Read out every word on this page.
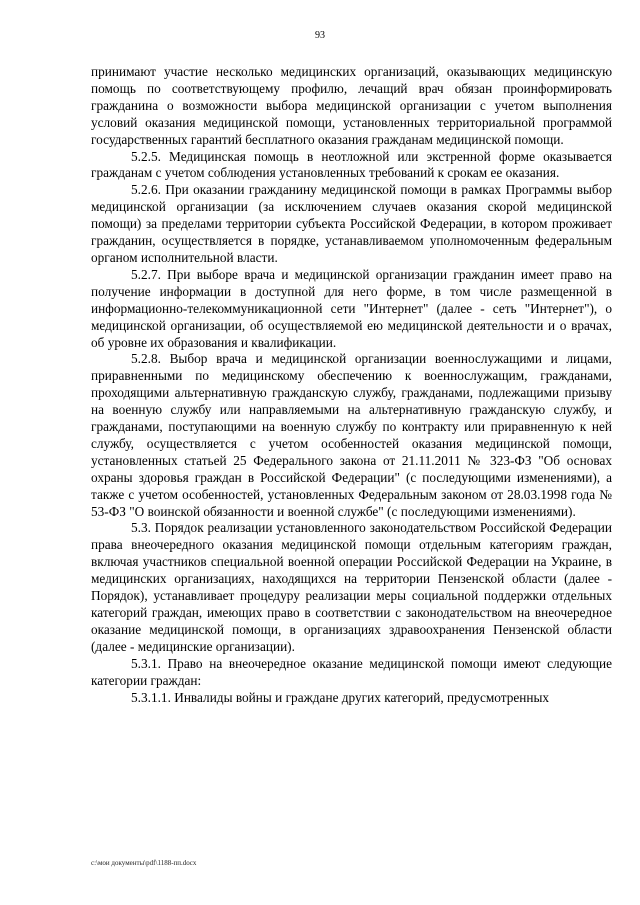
93

принимают участие несколько медицинских организаций, оказывающих медицинскую помощь по соответствующему профилю, лечащий врач обязан проинформировать гражданина о возможности выбора медицинской организации с учетом выполнения условий оказания медицинской помощи, установленных территориальной программой государственных гарантий бесплатного оказания гражданам медицинской помощи.

5.2.5. Медицинская помощь в неотложной или экстренной форме оказывается гражданам с учетом соблюдения установленных требований к срокам ее оказания.

5.2.6. При оказании гражданину медицинской помощи в рамках Программы выбор медицинской организации (за исключением случаев оказания скорой медицинской помощи) за пределами территории субъекта Российской Федерации, в котором проживает гражданин, осуществляется в порядке, устанавливаемом уполномоченным федеральным органом исполнительной власти.

5.2.7. При выборе врача и медицинской организации гражданин имеет право на получение информации в доступной для него форме, в том числе размещенной в информационно-телекоммуникационной сети "Интернет" (далее - сеть "Интернет"), о медицинской организации, об осуществляемой ею медицинской деятельности и о врачах, об уровне их образования и квалификации.

5.2.8. Выбор врача и медицинской организации военнослужащими и лицами, приравненными по медицинскому обеспечению к военнослужащим, гражданами, проходящими альтернативную гражданскую службу, гражданами, подлежащими призыву на военную службу или направляемыми на альтернативную гражданскую службу, и гражданами, поступающими на военную службу по контракту или приравненную к ней службу, осуществляется с учетом особенностей оказания медицинской помощи, установленных статьей 25 Федерального закона от 21.11.2011 № 323-ФЗ "Об основах охраны здоровья граждан в Российской Федерации" (с последующими изменениями), а также с учетом особенностей, установленных Федеральным законом от 28.03.1998 года № 53-ФЗ "О воинской обязанности и военной службе" (с последующими изменениями).

5.3. Порядок реализации установленного законодательством Российской Федерации права внеочередного оказания медицинской помощи отдельным категориям граждан, включая участников специальной военной операции Российской Федерации на Украине, в медицинских организациях, находящихся на территории Пензенской области (далее - Порядок), устанавливает процедуру реализации меры социальной поддержки отдельных категорий граждан, имеющих право в соответствии с законодательством на внеочередное оказание медицинской помощи, в организациях здравоохранения Пензенской области (далее - медицинские организации).

5.3.1. Право на внеочередное оказание медицинской помощи имеют следующие категории граждан:

5.3.1.1. Инвалиды войны и граждане других категорий, предусмотренных

c:\мои документы\pdf\1188-пп.docx
